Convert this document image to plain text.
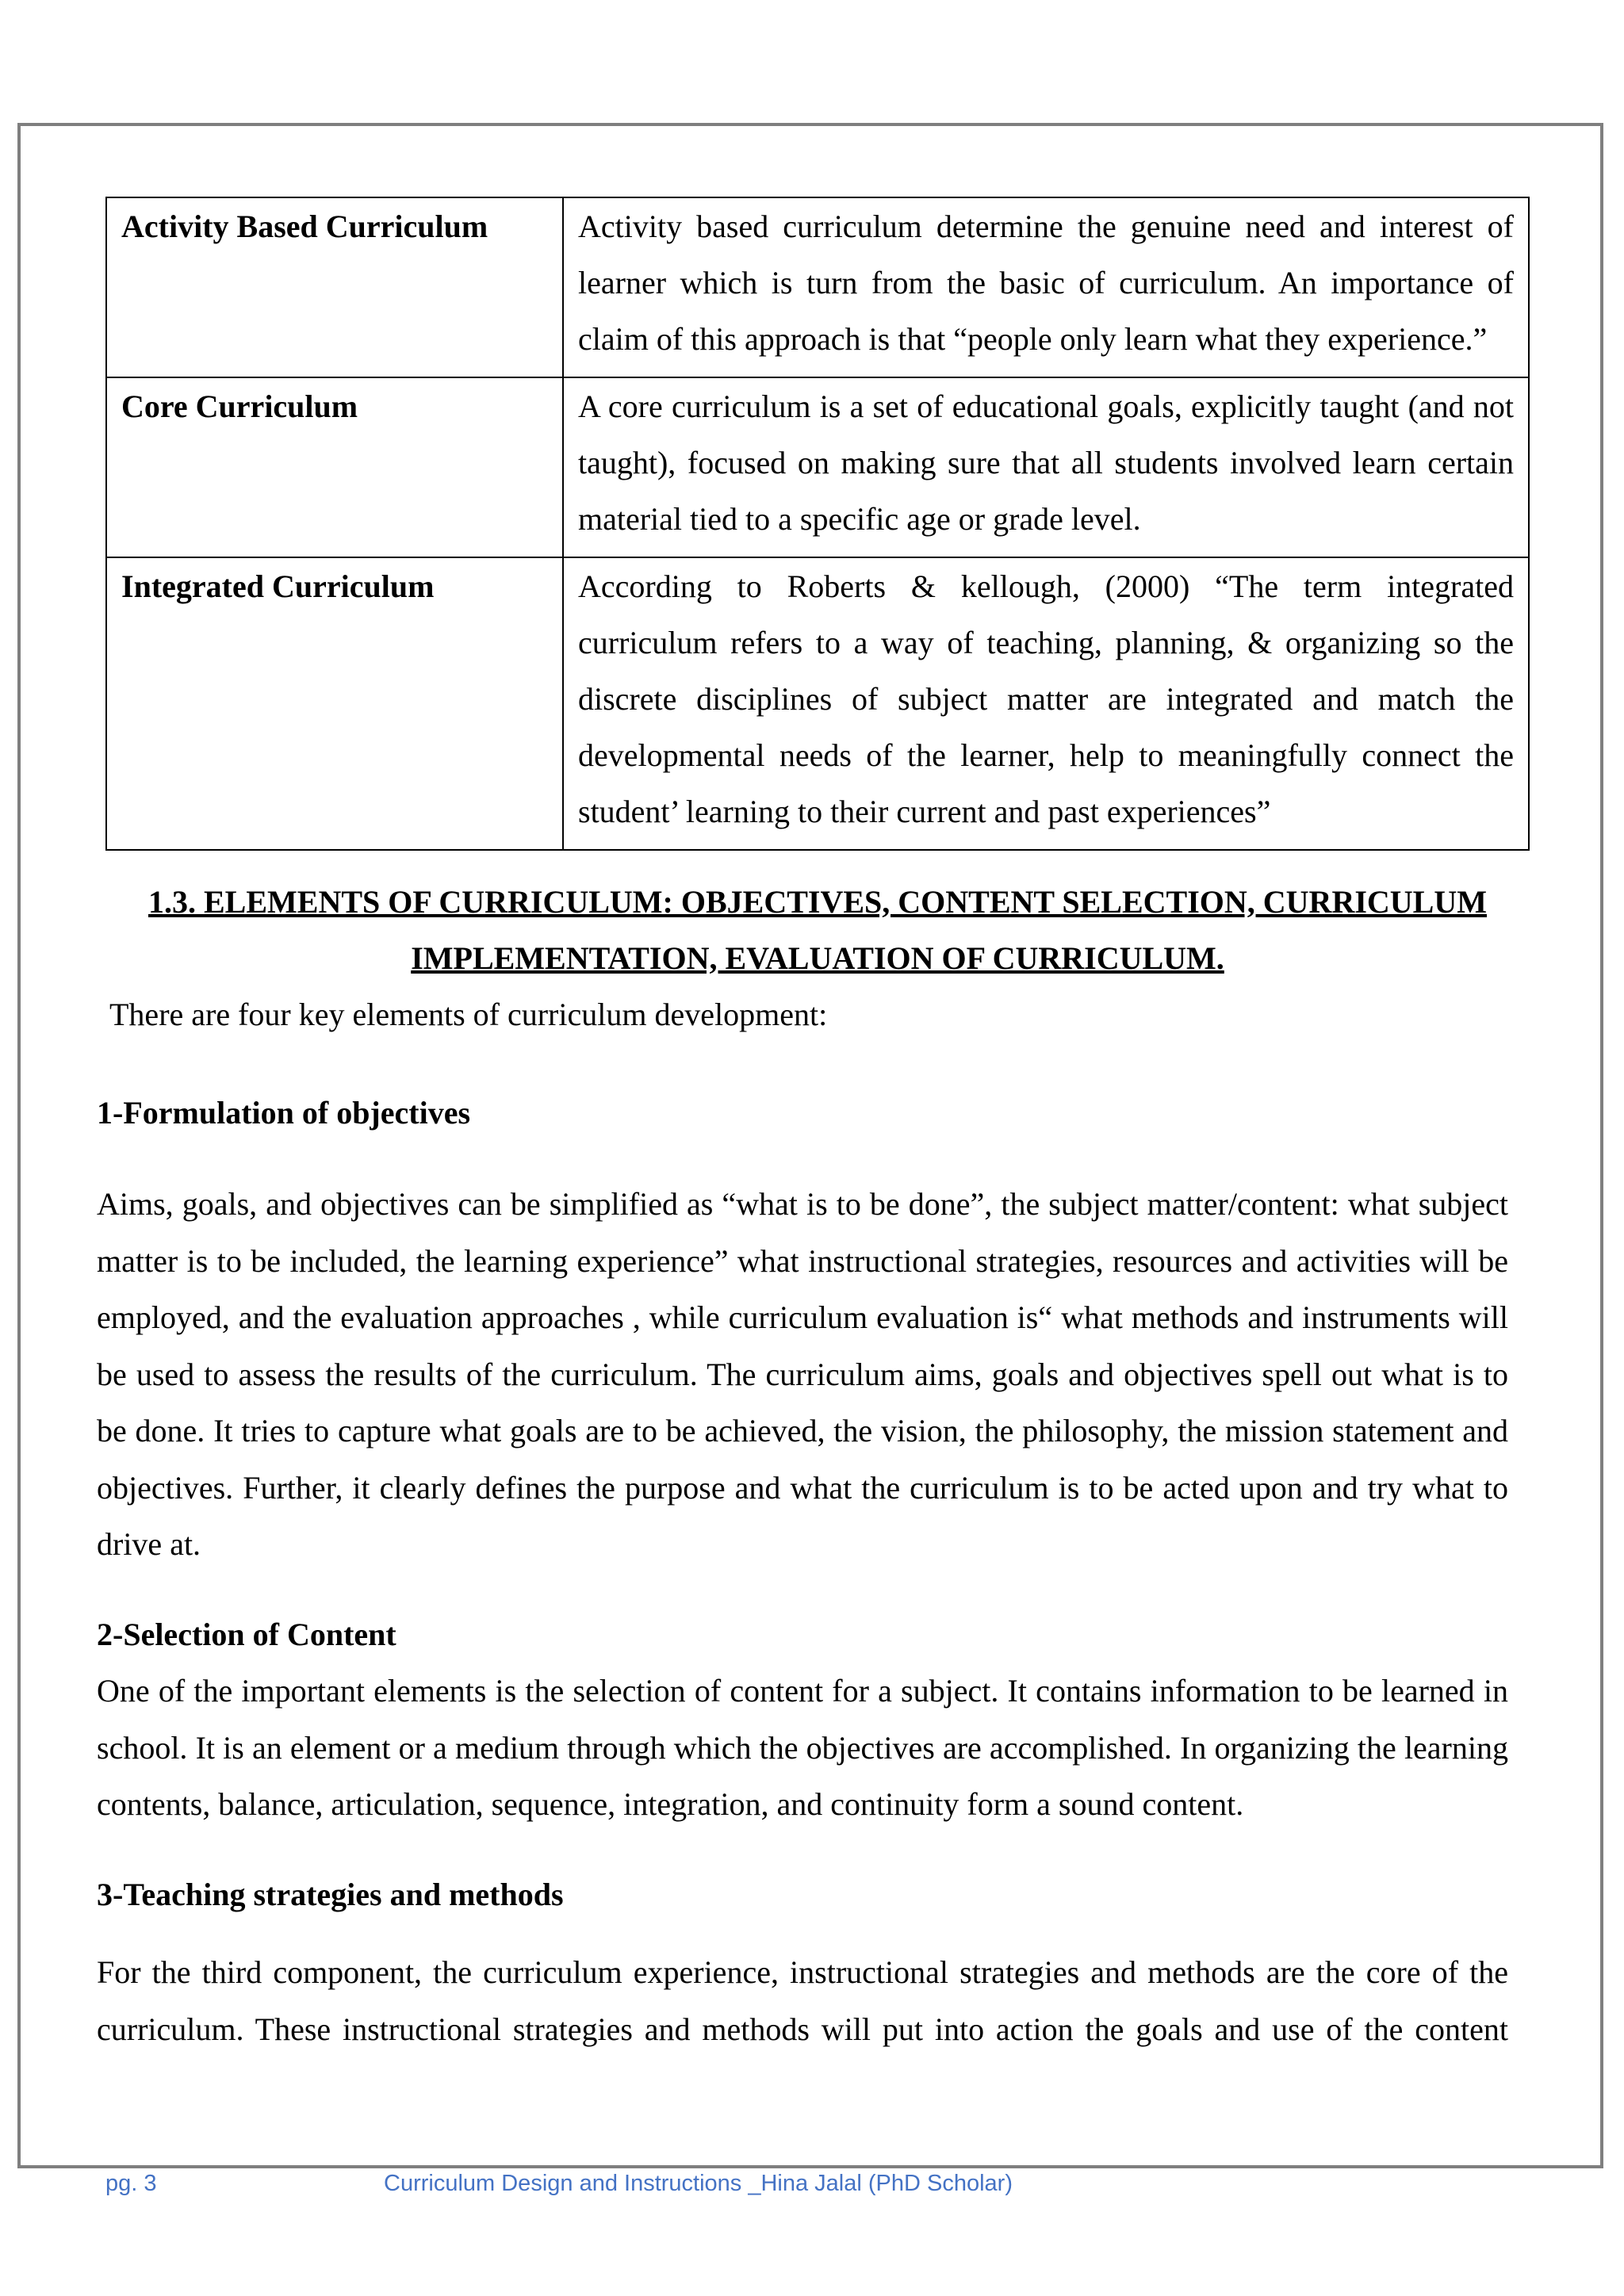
Activity Based Curriculum	Activity based curriculum determine the genuine need and interest of learner which is turn from the basic of curriculum. An importance of claim of this approach is that “people only learn what they experience.”
Core Curriculum	A core curriculum is a set of educational goals, explicitly taught (and not taught), focused on making sure that all students involved learn certain material tied to a specific age or grade level.
Integrated Curriculum	According to Roberts & kellough, (2000) “The term integrated curriculum refers to a way of teaching, planning, & organizing so the discrete disciplines of subject matter are integrated and match the developmental needs of the learner, help to meaningfully connect the student’ learning to their current and past experiences”
1.3. ELEMENTS OF CURRICULUM: OBJECTIVES, CONTENT SELECTION, CURRICULUM
IMPLEMENTATION, EVALUATION OF CURRICULUM.

There are four key elements of curriculum development:

1-Formulation of objectives

Aims, goals, and objectives can be simplified as “what is to be done”, the subject matter/content: what subject matter is to be included, the learning experience” what instructional strategies, resources and activities will be employed, and the evaluation approaches , while curriculum evaluation is“ what methods and instruments will be used to assess the results of the curriculum. The curriculum aims, goals and objectives spell out what is to be done. It tries to capture what goals are to be achieved, the vision, the philosophy, the mission statement and objectives. Further, it clearly defines the purpose and what the curriculum is to be acted upon and try what to drive at.

2-Selection of Content

One of the important elements is the selection of content for a subject. It contains information to be learned in school. It is an element or a medium through which the objectives are accomplished. In organizing the learning contents, balance, articulation, sequence, integration, and continuity form a sound content.

3-Teaching strategies and methods

For the third component, the curriculum experience, instructional strategies and methods are the core of the curriculum. These instructional strategies and methods will put into action the goals and use of the content

pg. 3	Curriculum Design and Instructions _Hina Jalal (PhD Scholar)
